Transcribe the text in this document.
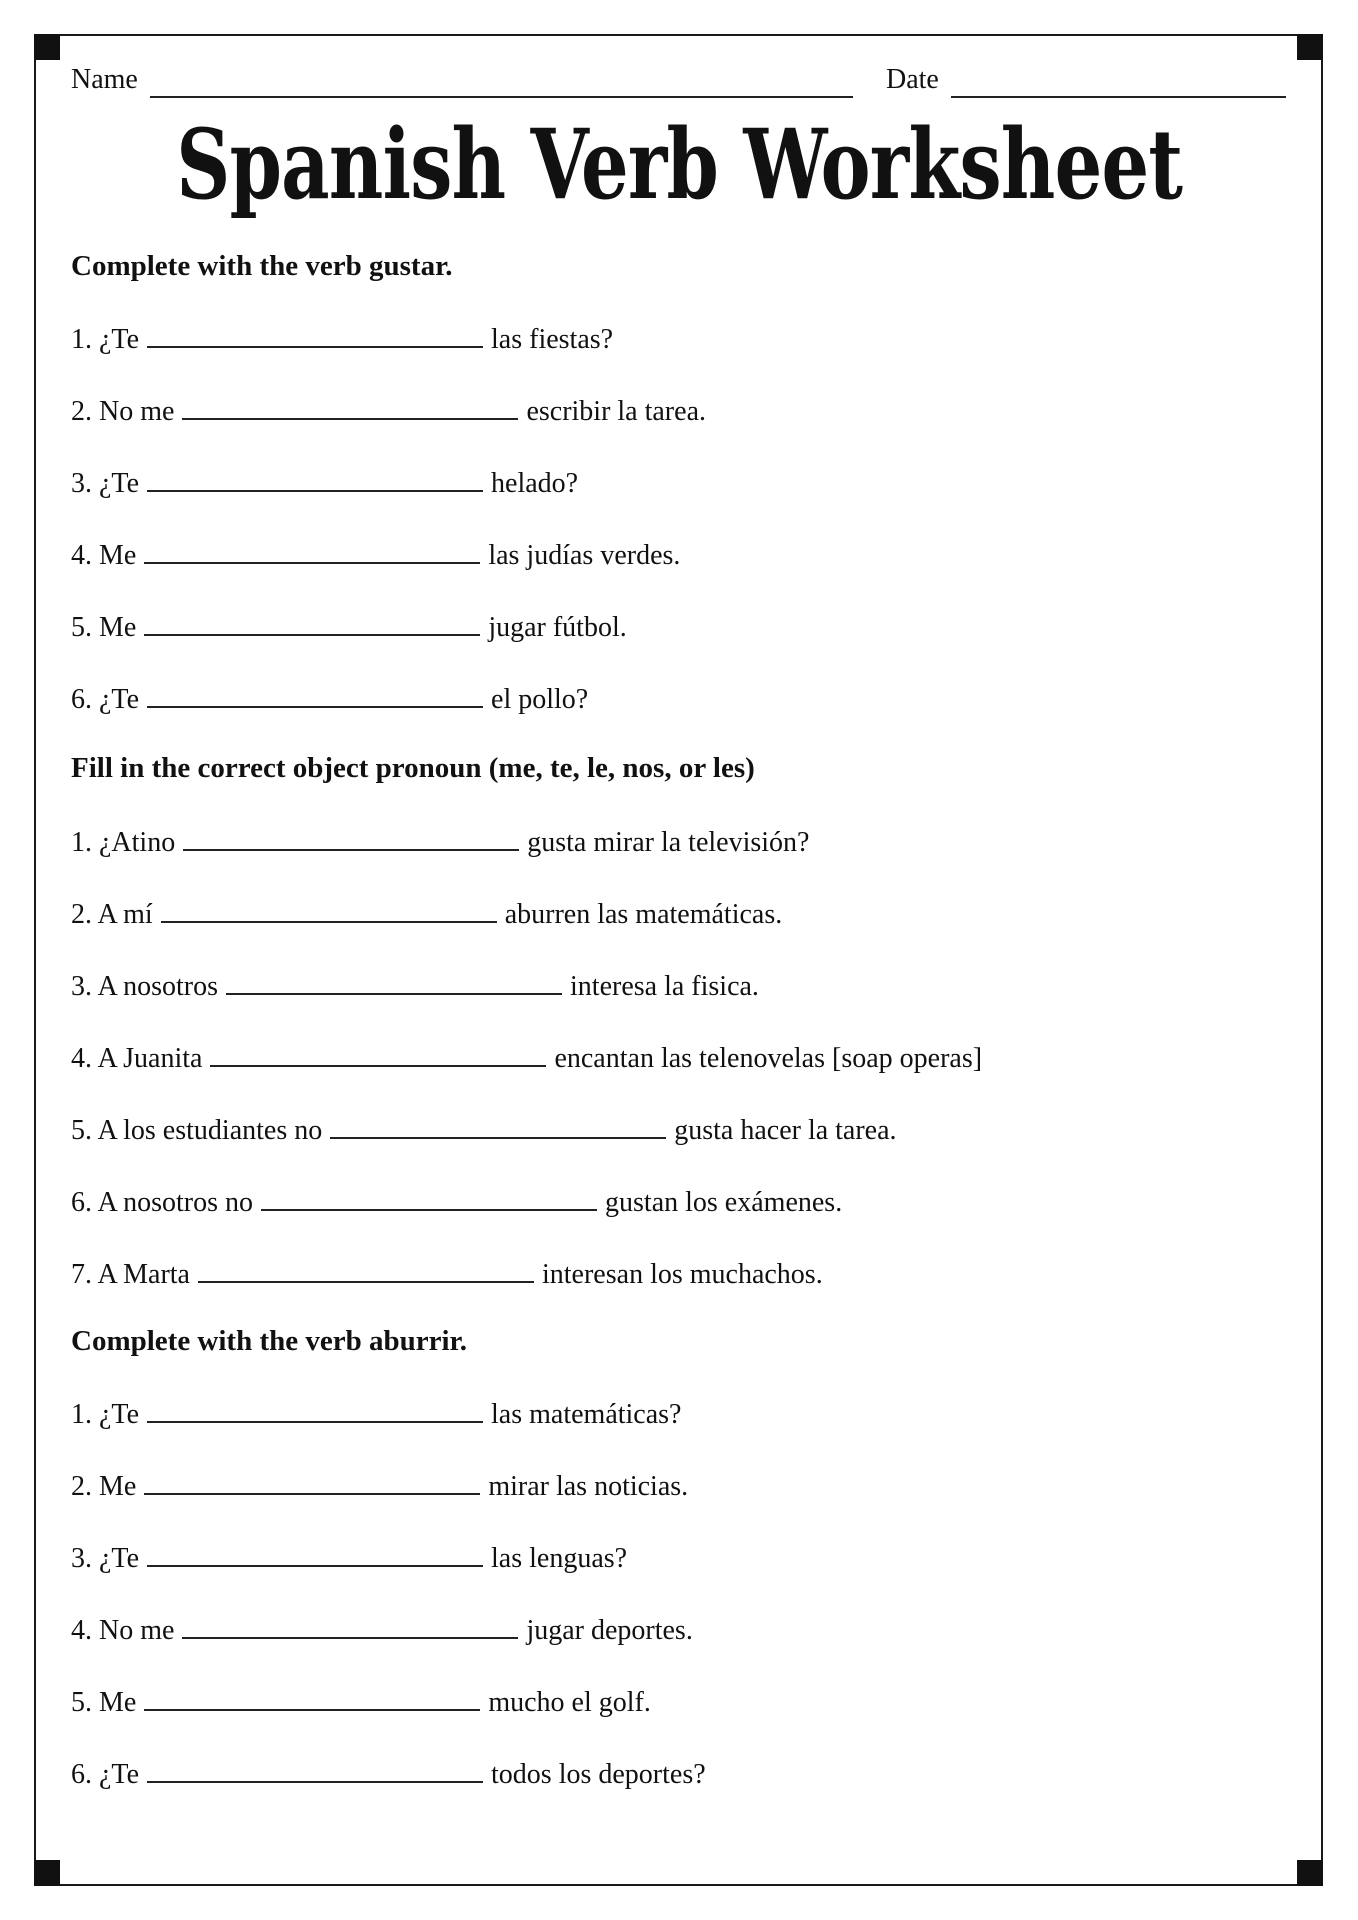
Name	Date
Spanish Verb Worksheet
Complete with the verb gustar.
1. ¿Te	las fiestas?
2. No me	escribir la tarea.
3. ¿Te	helado?
4. Me	las judías verdes.
5. Me	jugar fútbol.
6. ¿Te	el pollo?
Fill in the correct object pronoun (me, te, le, nos, or les)
1. ¿Atino	gusta mirar la televisión?
2. A mí	aburren las matemáticas.
3. A nosotros	interesa la fisica.
4. A Juanita	encantan las telenovelas [soap operas]
5. A los estudiantes no	gusta hacer la tarea.
6. A nosotros no	gustan los exámenes.
7. A Marta	interesan los muchachos.
Complete with the verb aburrir.
1. ¿Te	las matemáticas?
2. Me	mirar las noticias.
3. ¿Te	las lenguas?
4. No me	jugar deportes.
5. Me	mucho el golf.
6. ¿Te	todos los deportes?
